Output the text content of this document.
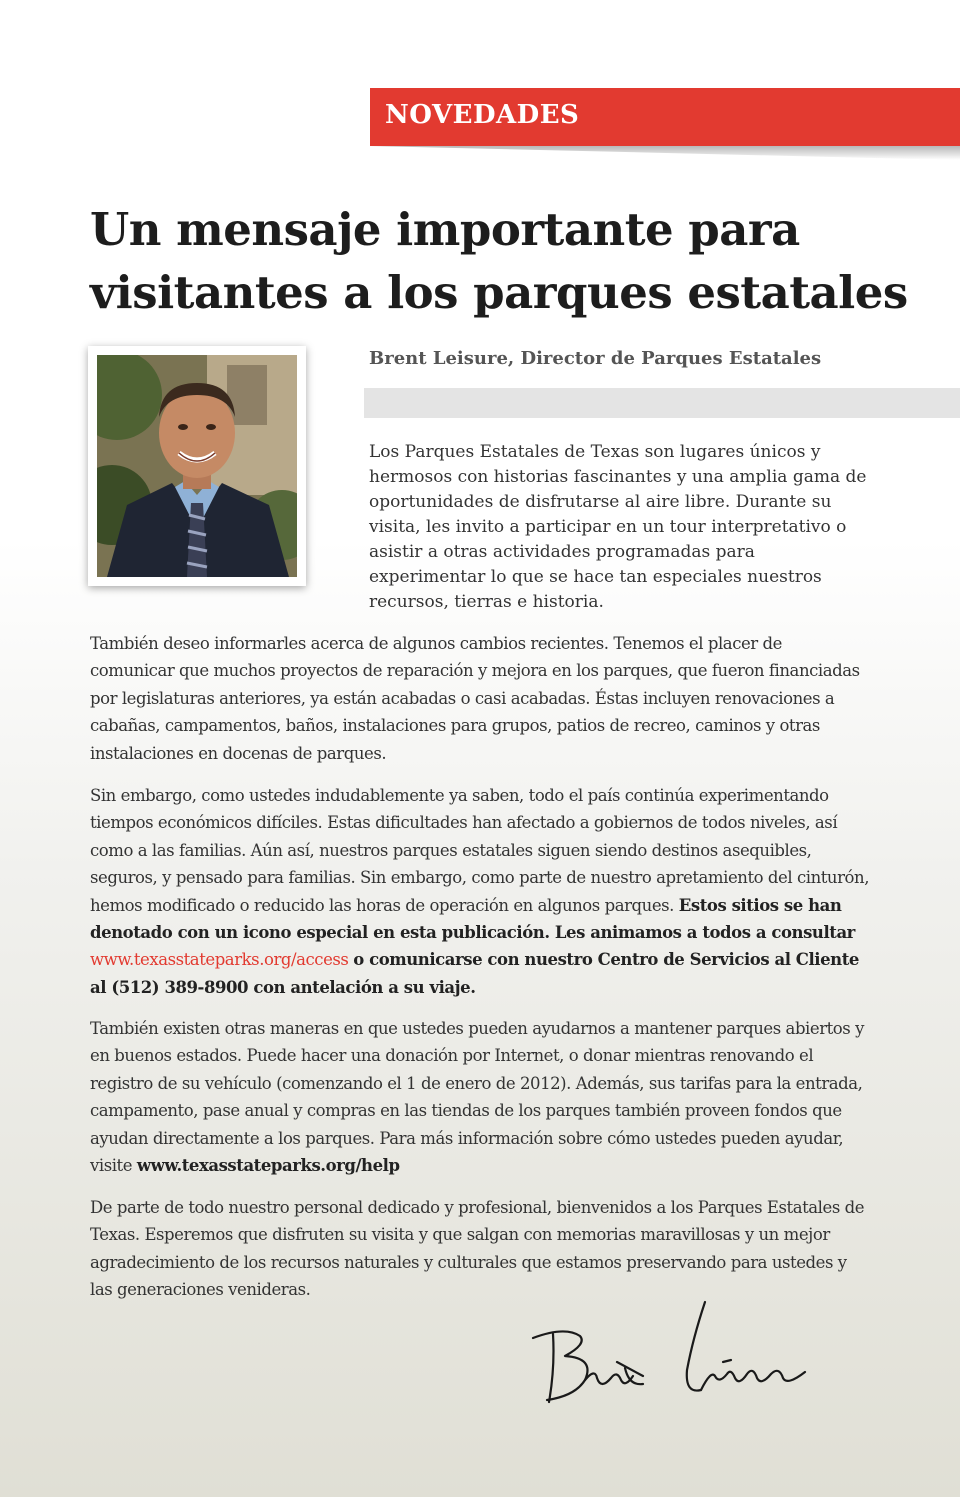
NOVEDADES
Un mensaje importante para visitantes a los parques estatales
Brent Leisure, Director de Parques Estatales

Los Parques Estatales de Texas son lugares únicos y hermosos con historias fascinantes y una amplia gama de oportunidades de disfrutarse al aire libre. Durante su visita, les invito a participar en un tour interpretativo o asistir a otras actividades programadas para experimentar lo que se hace tan especiales nuestros recursos, tierras e historia.

También deseo informarles acerca de algunos cambios recientes. Tenemos el placer de comunicar que muchos proyectos de reparación y mejora en los parques, que fueron financiadas por legislaturas anteriores, ya están acabadas o casi acabadas. Éstas incluyen renovaciones a cabañas, campamentos, baños, instalaciones para grupos, patios de recreo, caminos y otras instalaciones en docenas de parques.

Sin embargo, como ustedes indudablemente ya saben, todo el país continúa experimentando tiempos económicos difíciles. Estas dificultades han afectado a gobiernos de todos niveles, así como a las familias. Aún así, nuestros parques estatales siguen siendo destinos asequibles, seguros, y pensado para familias. Sin embargo, como parte de nuestro apretamiento del cinturón, hemos modificado o reducido las horas de operación en algunos parques. Estos sitios se han denotado con un icono especial en esta publicación. Les animamos a todos a consultar www.texasstateparks.org/access o comunicarse con nuestro Centro de Servicios al Cliente al (512) 389-8900 con antelación a su viaje.

También existen otras maneras en que ustedes pueden ayudarnos a mantener parques abiertos y en buenos estados. Puede hacer una donación por Internet, o donar mientras renovando el registro de su vehículo (comenzando el 1 de enero de 2012). Además, sus tarifas para la entrada, campamento, pase anual y compras en las tiendas de los parques también proveen fondos que ayudan directamente a los parques. Para más información sobre cómo ustedes pueden ayudar, visite www.texasstateparks.org/help

De parte de todo nuestro personal dedicado y profesional, bienvenidos a los Parques Estatales de Texas. Esperemos que disfruten su visita y que salgan con memorias maravillosas y un mejor agradecimiento de los recursos naturales y culturales que estamos preservando para ustedes y las generaciones venideras.
